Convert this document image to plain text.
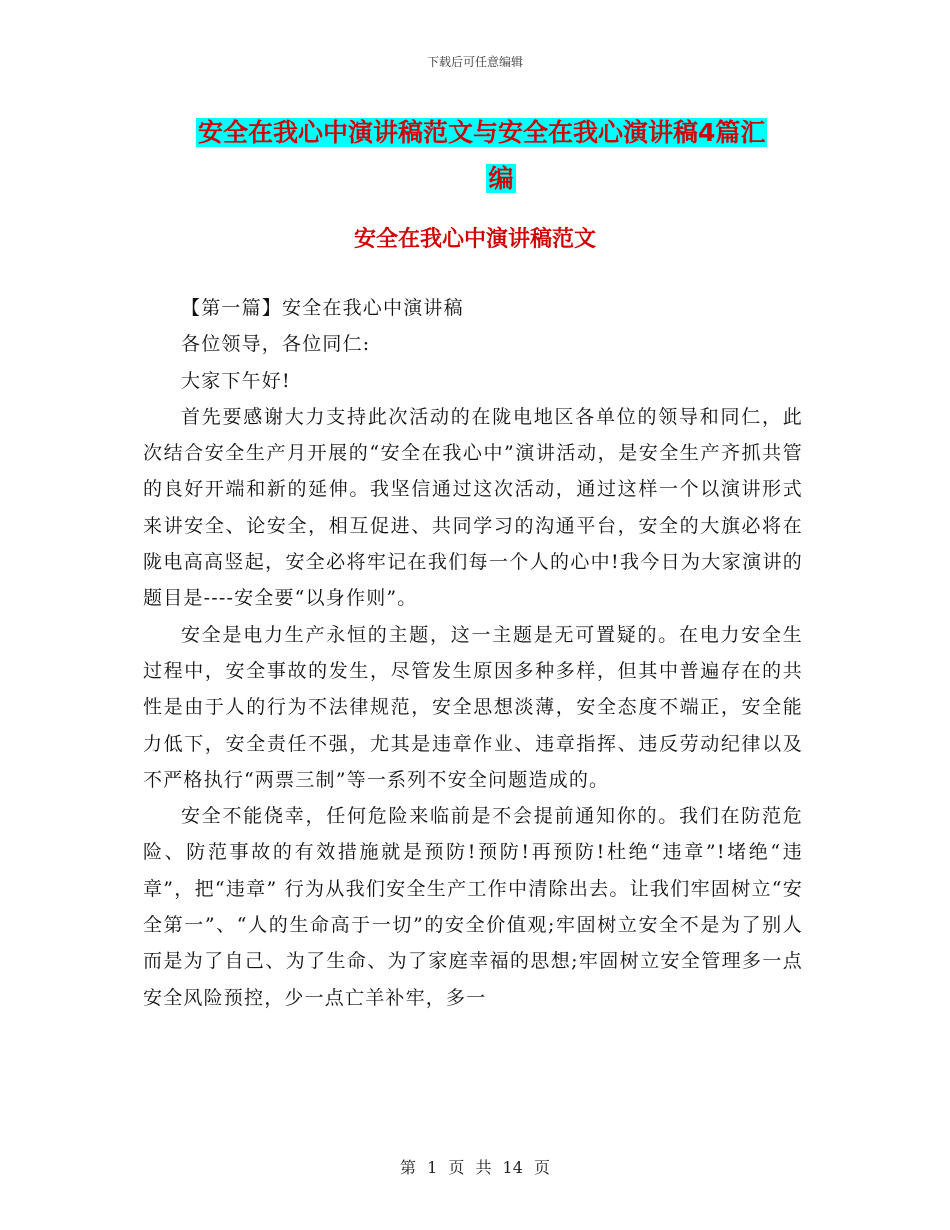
下载后可任意编辑
安全在我心中演讲稿范文与安全在我心演讲稿4篇汇
编
安全在我心中演讲稿范文

【第一篇】安全在我心中演讲稿

各位领导，各位同仁:

大家下午好!

首先要感谢大力支持此次活动的在陇电地区各单位的领导和同仁，此次结合安全生产月开展的“安全在我心中”演讲活动，是安全生产齐抓共管的良好开端和新的延伸。我坚信通过这次活动，通过这样一个以演讲形式来讲安全、论安全，相互促进、共同学习的沟通平台，安全的大旗必将在陇电高高竖起，安全必将牢记在我们每一个人的心中!我今日为大家演讲的题目是----安全要“以身作则”。

安全是电力生产永恒的主题，这一主题是无可置疑的。在电力安全生过程中，安全事故的发生，尽管发生原因多种多样，但其中普遍存在的共性是由于人的行为不法律规范，安全思想淡薄，安全态度不端正，安全能力低下，安全责任不强，尤其是违章作业、违章指挥、违反劳动纪律以及不严格执行“两票三制”等一系列不安全问题造成的。

安全不能侥幸，任何危险来临前是不会提前通知你的。我们在防范危险、防范事故的有效措施就是预防!预防!再预防!杜绝“违章”!堵绝“违章”，把“违章” 行为从我们安全生产工作中清除出去。让我们牢固树立“安全第一”、“人的生命高于一切”的安全价值观;牢固树立安全不是为了别人而是为了自己、为了生命、为了家庭幸福的思想;牢固树立安全管理多一点安全风险预控，少一点亡羊补牢，多一

第 1 页 共 14 页
